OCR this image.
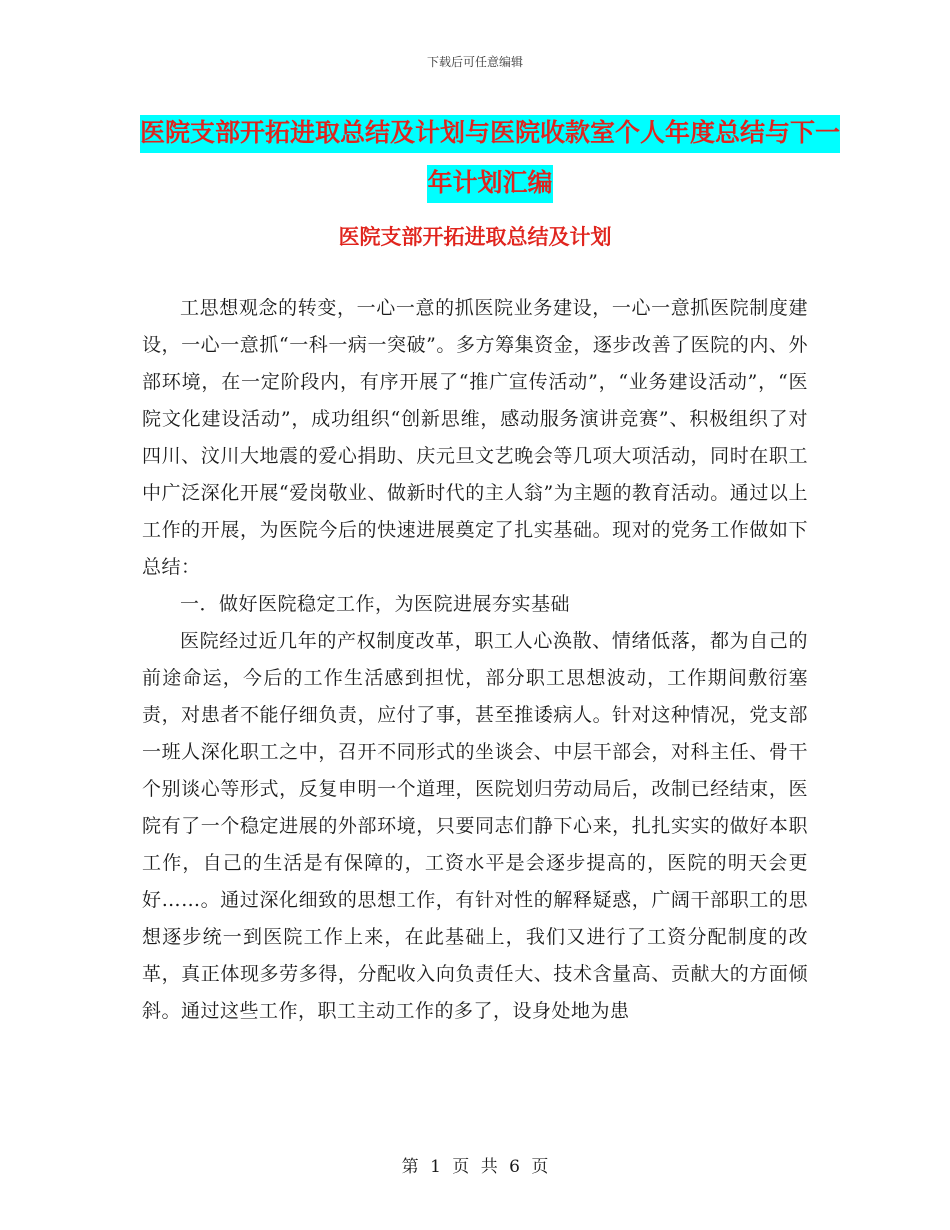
下载后可任意编辑
医院支部开拓进取总结及计划与医院收款室个人年度总结与下一年计划汇编
医院支部开拓进取总结及计划

工思想观念的转变，一心一意的抓医院业务建设，一心一意抓医院制度建设，一心一意抓“一科一病一突破”。多方筹集资金，逐步改善了医院的内、外部环境，在一定阶段内，有序开展了“推广宣传活动”，“业务建设活动”，“医院文化建设活动”，成功组织“创新思维，感动服务演讲竞赛”、积极组织了对四川、汶川大地震的爱心捐助、庆元旦文艺晚会等几项大项活动，同时在职工中广泛深化开展“爱岗敬业、做新时代的主人翁”为主题的教育活动。通过以上工作的开展，为医院今后的快速进展奠定了扎实基础。现对的党务工作做如下总结：

一．做好医院稳定工作，为医院进展夯实基础

医院经过近几年的产权制度改革，职工人心涣散、情绪低落，都为自己的前途命运，今后的工作生活感到担忧，部分职工思想波动，工作期间敷衍塞责，对患者不能仔细负责，应付了事，甚至推诿病人。针对这种情况，党支部一班人深化职工之中，召开不同形式的坐谈会、中层干部会，对科主任、骨干个别谈心等形式，反复申明一个道理，医院划归劳动局后，改制已经结束，医院有了一个稳定进展的外部环境，只要同志们静下心来，扎扎实实的做好本职工作，自己的生活是有保障的，工资水平是会逐步提高的，医院的明天会更好……。通过深化细致的思想工作，有针对性的解释疑惑，广阔干部职工的思想逐步统一到医院工作上来，在此基础上，我们又进行了工资分配制度的改革，真正体现多劳多得，分配收入向负责任大、技术含量高、贡献大的方面倾斜。通过这些工作，职工主动工作的多了，设身处地为患

第 1 页 共 6 页
